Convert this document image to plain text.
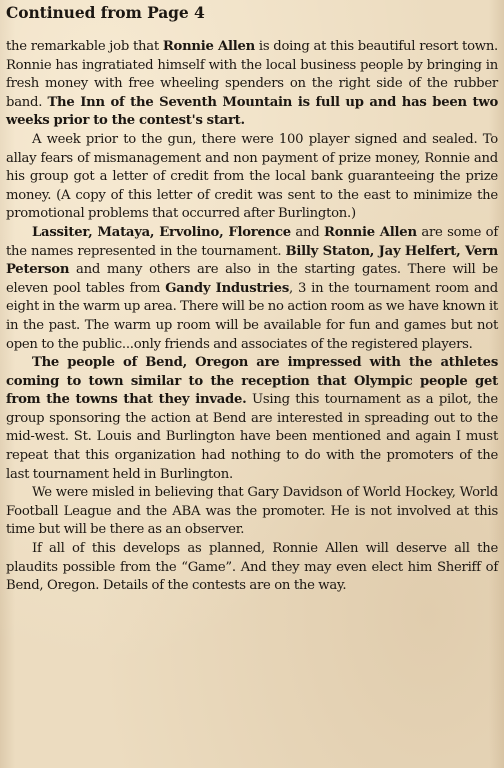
Continued from Page 4

the remarkable job that Ronnie Allen is doing at this beautiful resort town. Ronnie has ingratiated himself with the local business people by bringing in fresh money with free wheeling spenders on the right side of the rubber band. The Inn of the Seventh Mountain is full up and has been two weeks prior to the contest's start.

A week prior to the gun, there were 100 player signed and sealed. To allay fears of mismanagement and non payment of prize money, Ronnie and his group got a letter of credit from the local bank guaranteeing the prize money. (A copy of this letter of credit was sent to the east to minimize the promotional problems that occurred after Burlington.)

Lassiter, Mataya, Ervolino, Florence and Ronnie Allen are some of the names represented in the tournament. Billy Staton, Jay Helfert, Vern Peterson and many others are also in the starting gates. There will be eleven pool tables from Gandy Industries, 3 in the tournament room and eight in the warm up area. There will be no action room as we have known it in the past. The warm up room will be available for fun and games but not open to the public...only friends and associates of the registered players.

The people of Bend, Oregon are impressed with the athletes coming to town similar to the reception that Olympic people get from the towns that they invade. Using this tournament as a pilot, the group sponsoring the action at Bend are interested in spreading out to the mid-west. St. Louis and Burlington have been mentioned and again I must repeat that this organization had nothing to do with the promoters of the last tournament held in Burlington.

We were misled in believing that Gary Davidson of World Hockey, World Football League and the ABA was the promoter. He is not involved at this time but will be there as an observer.

If all of this develops as planned, Ronnie Allen will deserve all the plaudits possible from the “Game”. And they may even elect him Sheriff of Bend, Oregon. Details of the contests are on the way.
